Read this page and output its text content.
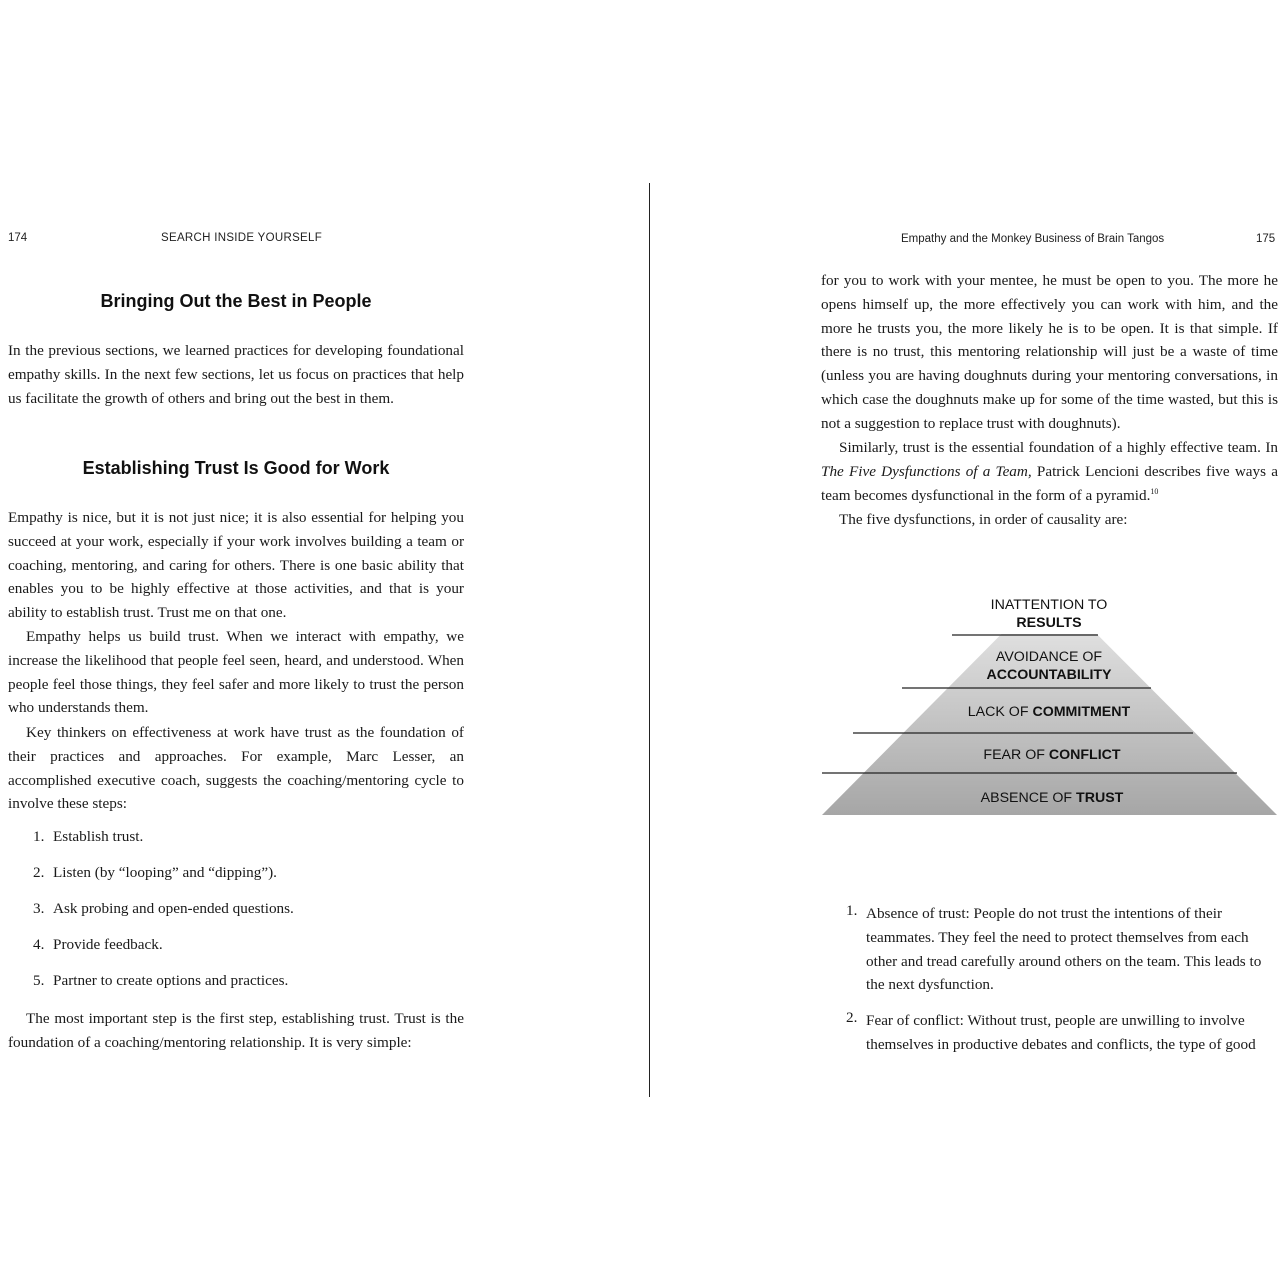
174	SEARCH INSIDE YOURSELF
Bringing Out the Best in People

In the previous sections, we learned practices for developing foundational empathy skills. In the next few sections, let us focus on practices that help us facilitate the growth of others and bring out the best in them.

Establishing Trust Is Good for Work

Empathy is nice, but it is not just nice; it is also essential for helping you succeed at your work, especially if your work involves building a team or coaching, mentoring, and caring for others. There is one basic ability that enables you to be highly effective at those activities, and that is your ability to establish trust. Trust me on that one.

Empathy helps us build trust. When we interact with empathy, we increase the likelihood that people feel seen, heard, and understood. When people feel those things, they feel safer and more likely to trust the person who understands them.

Key thinkers on effectiveness at work have trust as the foundation of their practices and approaches. For example, Marc Lesser, an accomplished executive coach, suggests the coaching/mentoring cycle to involve these steps:

1. Establish trust.
2. Listen (by “looping” and “dipping”).
3. Ask probing and open-ended questions.
4. Provide feedback.
5. Partner to create options and practices.

The most important step is the first step, establishing trust. Trust is the foundation of a coaching/mentoring relationship. It is very simple:

Empathy and the Monkey Business of Brain Tangos	175

for you to work with your mentee, he must be open to you. The more he opens himself up, the more effectively you can work with him, and the more he trusts you, the more likely he is to be open. It is that simple. If there is no trust, this mentoring relationship will just be a waste of time (unless you are having doughnuts during your mentoring conversations, in which case the doughnuts make up for some of the time wasted, but this is not a suggestion to replace trust with doughnuts).

Similarly, trust is the essential foundation of a highly effective team. In The Five Dysfunctions of a Team, Patrick Lencioni describes five ways a team becomes dysfunctional in the form of a pyramid.$^{10}$

The five dysfunctions, in order of causality are:

INATTENTION TO
RESULTS
AVOIDANCE OF
ACCOUNTABILITY
LACK OF COMMITMENT
FEAR OF CONFLICT
ABSENCE OF TRUST
1. Absence of trust: People do not trust the intentions of their teammates. They feel the need to protect themselves from each other and tread carefully around others on the team. This leads to the next dysfunction.
2. Fear of conflict: Without trust, people are unwilling to involve themselves in productive debates and conflicts, the type of good
